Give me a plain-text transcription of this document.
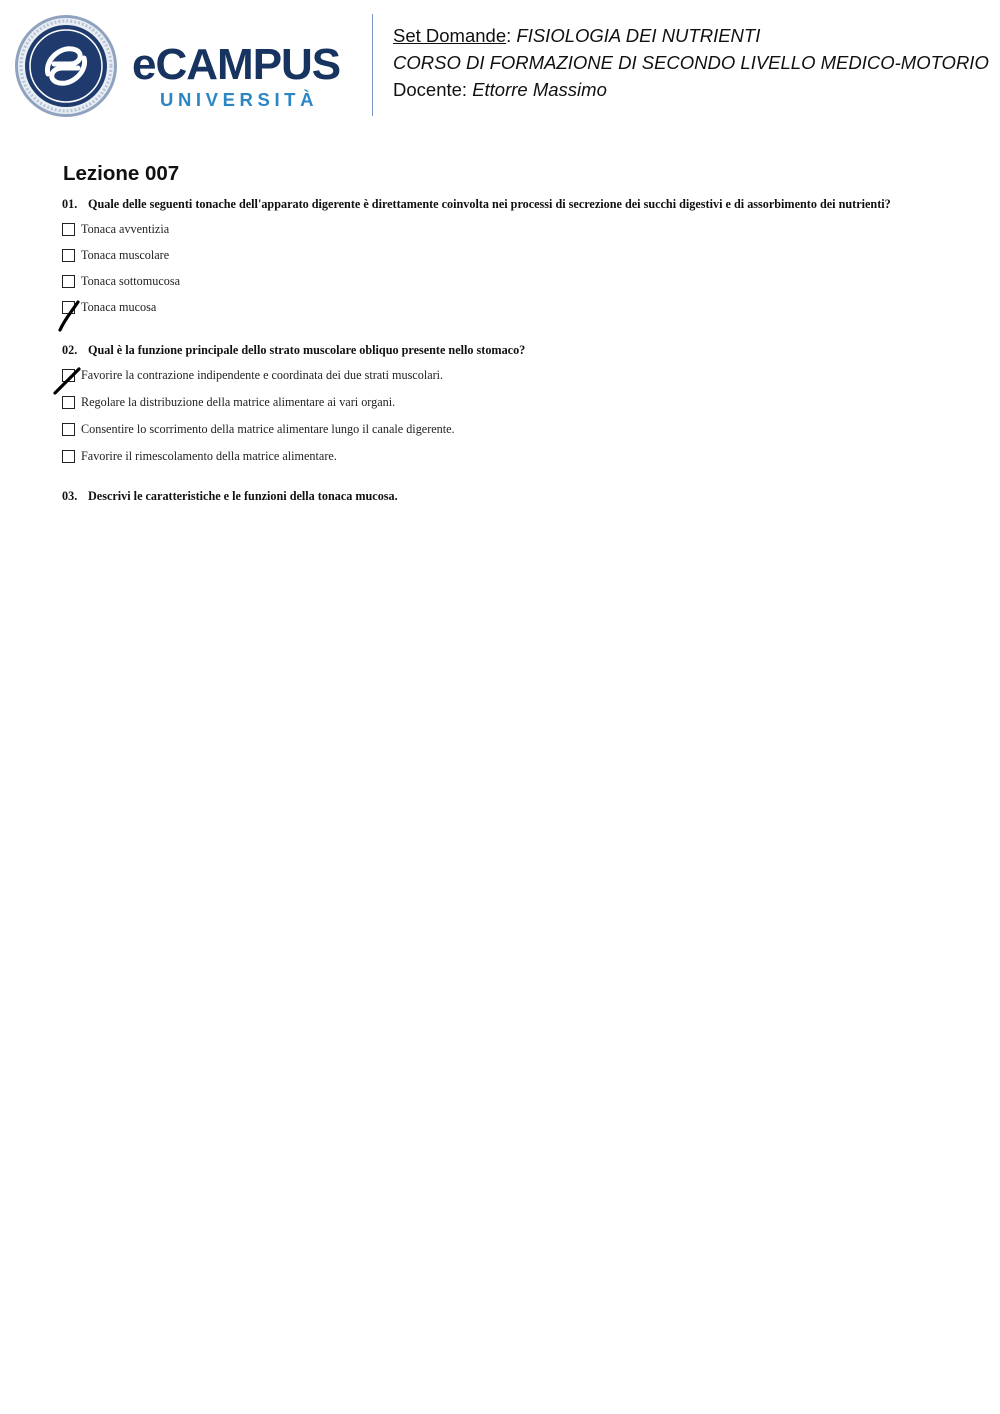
eCAMPUS
UNIVERSITÀ
Set Domande: FISIOLOGIA DEI NUTRIENTI
CORSO DI FORMAZIONE DI SECONDO LIVELLO MEDICO-MOTORIO
Docente: Ettorre Massimo
Lezione 007
01. Quale delle seguenti tonache dell'apparato digerente è direttamente coinvolta nei processi di secrezione dei succhi digestivi e di assorbimento dei nutrienti?
Tonaca avventizia
Tonaca muscolare
Tonaca sottomucosa
Tonaca mucosa
02. Qual è la funzione principale dello strato muscolare obliquo presente nello stomaco?
Favorire la contrazione indipendente e coordinata dei due strati muscolari.
Regolare la distribuzione della matrice alimentare ai vari organi.
Consentire lo scorrimento della matrice alimentare lungo il canale digerente.
Favorire il rimescolamento della matrice alimentare.
03. Descrivi le caratteristiche e le funzioni della tonaca mucosa.
